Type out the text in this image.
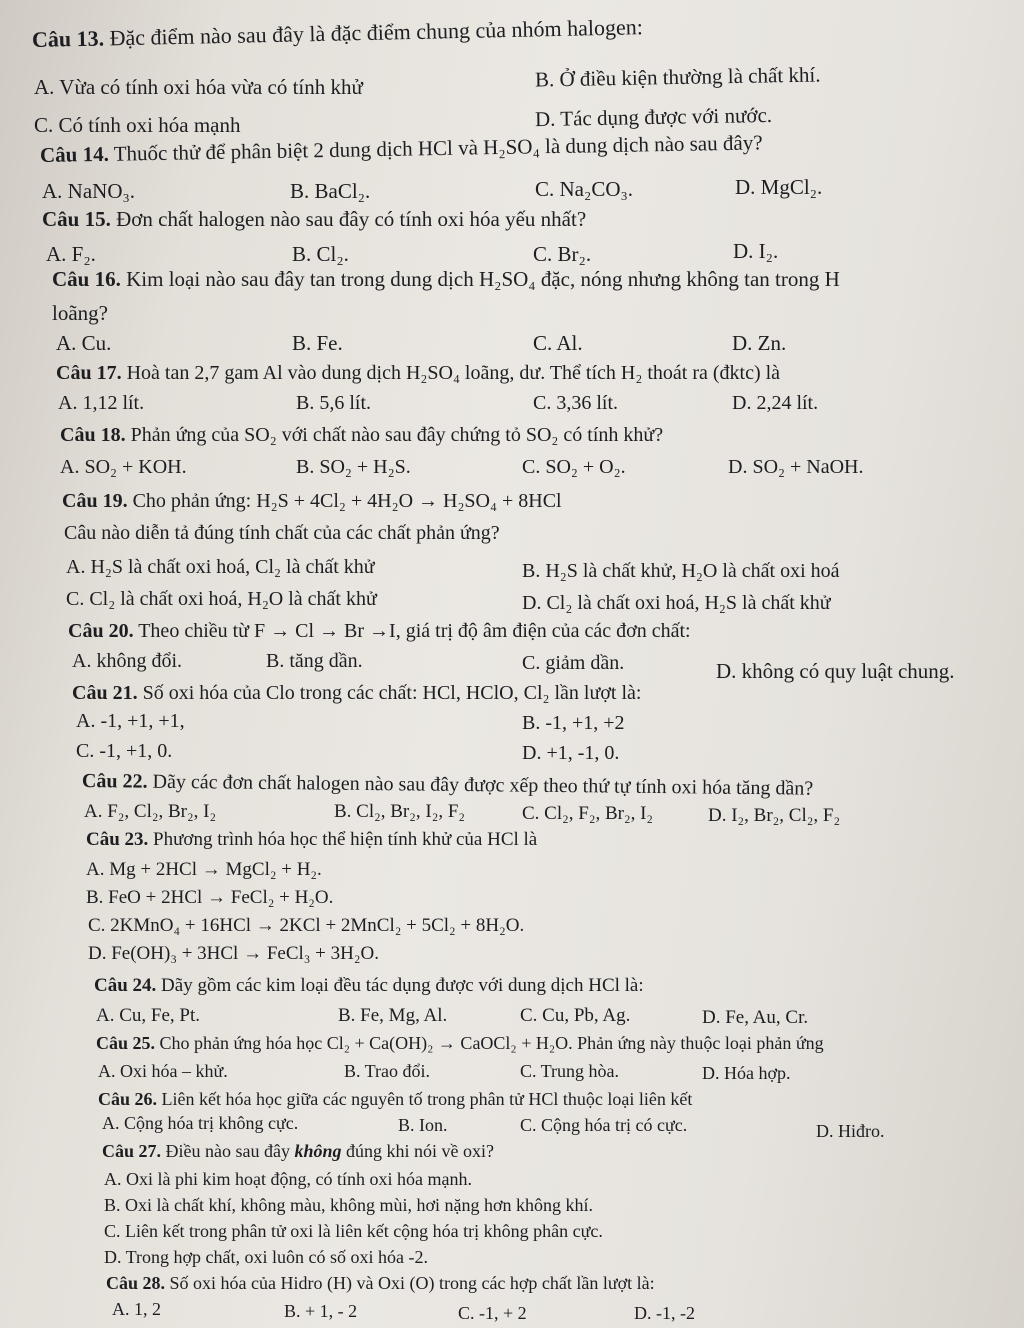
Câu 13. Đặc điểm nào sau đây là đặc điểm chung của nhóm halogen:
A. Vừa có tính oxi hóa vừa có tính khử	B. Ở điều kiện thường là chất khí.
C. Có tính oxi hóa mạnh	D. Tác dụng được với nước.
Câu 14. Thuốc thử để phân biệt 2 dung dịch HCl và H₂SO₄ là dung dịch nào sau đây?
A. NaNO₃.	B. BaCl₂.	C. Na₂CO₃.	D. MgCl₂.
Câu 15. Đơn chất halogen nào sau đây có tính oxi hóa yếu nhất?
A. F₂.	B. Cl₂.	C. Br₂.	D. I₂.
Câu 16. Kim loại nào sau đây tan trong dung dịch H₂SO₄ đặc, nóng nhưng không tan trong H
loãng?
A. Cu.	B. Fe.	C. Al.	D. Zn.
Câu 17. Hoà tan 2,7 gam Al vào dung dịch H₂SO₄ loãng, dư. Thể tích H₂ thoát ra (đktc) là
A. 1,12 lít.	B. 5,6 lít.	C. 3,36 lít.	D. 2,24 lít.
Câu 18. Phản ứng của SO₂ với chất nào sau đây chứng tỏ SO₂ có tính khử?
A. SO₂ + KOH.	B. SO₂ + H₂S.	C. SO₂ + O₂.	D. SO₂ + NaOH.
Câu 19. Cho phản ứng: H₂S + 4Cl₂ + 4H₂O → H₂SO₄ + 8HCl
Câu nào diễn tả đúng tính chất của các chất phản ứng?
A. H₂S là chất oxi hoá, Cl₂ là chất khử	B. H₂S là chất khử, H₂O là chất oxi hoá
C. Cl₂ là chất oxi hoá, H₂O là chất khử	D. Cl₂ là chất oxi hoá, H₂S là chất khử
Câu 20. Theo chiều từ F → Cl → Br →I, giá trị độ âm điện của các đơn chất:
A. không đổi.	B. tăng dần.	C. giảm dần.	D. không có quy luật chung.
Câu 21. Số oxi hóa của Clo trong các chất: HCl, HClO, Cl₂ lần lượt là:
A. -1, +1, +1,	B. -1, +1, +2
C. -1, +1, 0.	D. +1, -1, 0.
Câu 22. Dãy các đơn chất halogen nào sau đây được xếp theo thứ tự tính oxi hóa tăng dần?
A. F₂, Cl₂, Br₂, I₂	B. Cl₂, Br₂, I₂, F₂	C. Cl₂, F₂, Br₂, I₂	D. I₂, Br₂, Cl₂, F₂
Câu 23. Phương trình hóa học thể hiện tính khử của HCl là
A. Mg + 2HCl → MgCl₂ + H₂.
B. FeO + 2HCl → FeCl₂ + H₂O.
C. 2KMnO₄ + 16HCl → 2KCl + 2MnCl₂ + 5Cl₂ + 8H₂O.
D. Fe(OH)₃ + 3HCl → FeCl₃ + 3H₂O.
Câu 24. Dãy gồm các kim loại đều tác dụng được với dung dịch HCl là:
A. Cu, Fe, Pt.	B. Fe, Mg, Al.	C. Cu, Pb, Ag.	D. Fe, Au, Cr.
Câu 25. Cho phản ứng hóa học Cl₂ + Ca(OH)₂ → CaOCl₂ + H₂O. Phản ứng này thuộc loại phản ứng
A. Oxi hóa – khử.	B. Trao đổi.	C. Trung hòa.	D. Hóa hợp.
Câu 26. Liên kết hóa học giữa các nguyên tố trong phân tử HCl thuộc loại liên kết
A. Cộng hóa trị không cực.	B. Ion.	C. Cộng hóa trị có cực.	D. Hiđro.
Câu 27. Điều nào sau đây không đúng khi nói về oxi?
A. Oxi là phi kim hoạt động, có tính oxi hóa mạnh.
B. Oxi là chất khí, không màu, không mùi, hơi nặng hơn không khí.
C. Liên kết trong phân tử oxi là liên kết cộng hóa trị không phân cực.
D. Trong hợp chất, oxi luôn có số oxi hóa -2.
Câu 28. Số oxi hóa của Hidro (H) và Oxi (O) trong các hợp chất lần lượt là:
A. 1, 2	B. + 1, - 2	C. -1, + 2	D. -1, -2
